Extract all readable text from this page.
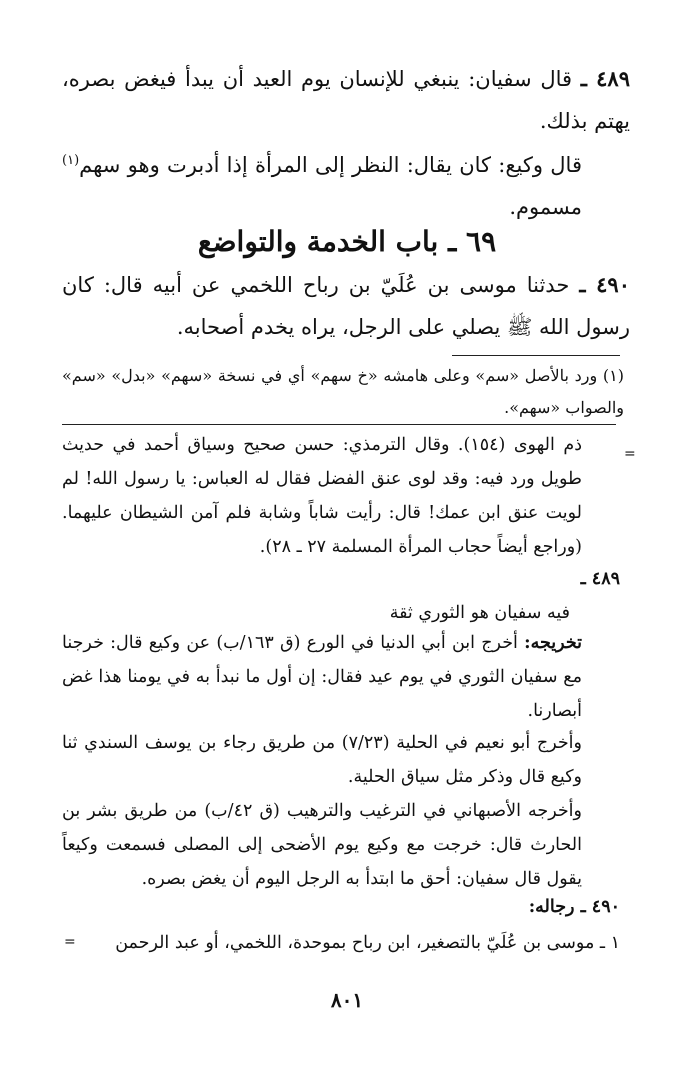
٤٨٩ ـ قال سفيان: ينبغي للإنسان يوم العيد أن يبدأ فيغض بصره، يهتم بذلك.

قال وكيع: كان يقال: النظر إلى المرأة إذا أدبرت وهو سهم$^{(١)}$ مسموم.

٦٩ ـ باب الخدمة والتواضع

٤٩٠ ـ حدثنا موسى بن عُلَيّ بن رباح اللخمي عن أبيه قال: كان رسول الله ﷺ يصلي على الرجل، يراه يخدم أصحابه.

(١) ورد بالأصل «سم» وعلى هامشه «خ سهم» أي في نسخة «سهم» «بدل» «سم» والصواب «سهم».

=

ذم الهوى (١٥٤). وقال الترمذي: حسن صحيح وسياق أحمد في حديث طويل ورد فيه: وقد لوى عنق الفضل فقال له العباس: يا رسول الله! لم لويت عنق ابن عمك! قال: رأيت شاباً وشابة فلم آمن الشيطان عليهما. (وراجع أيضاً حجاب المرأة المسلمة ٢٧ ـ ٢٨).

٤٨٩ ـ

فيه سفيان هو الثوري ثقة

تخريجه: أخرج ابن أبي الدنيا في الورع (ق ١٦٣/ب) عن وكيع قال: خرجنا مع سفيان الثوري في يوم عيد فقال: إن أول ما نبدأ به في يومنا هذا غض أبصارنا.

وأخرج أبو نعيم في الحلية (٧/٢٣) من طريق رجاء بن يوسف السندي ثنا وكيع قال وذكر مثل سياق الحلية.

وأخرجه الأصبهاني في الترغيب والترهيب (ق ٤٢/ب) من طريق بشر بن الحارث قال: خرجت مع وكيع يوم الأضحى إلى المصلى فسمعت وكيعاً يقول قال سفيان: أحق ما ابتدأ به الرجل اليوم أن يغض بصره.

٤٩٠ ـ رجاله:

١ ـ موسى بن عُلَيّ بالتصغير، ابن رباح بموحدة، اللخمي، أو عبد الرحمن

=
٨٠١
